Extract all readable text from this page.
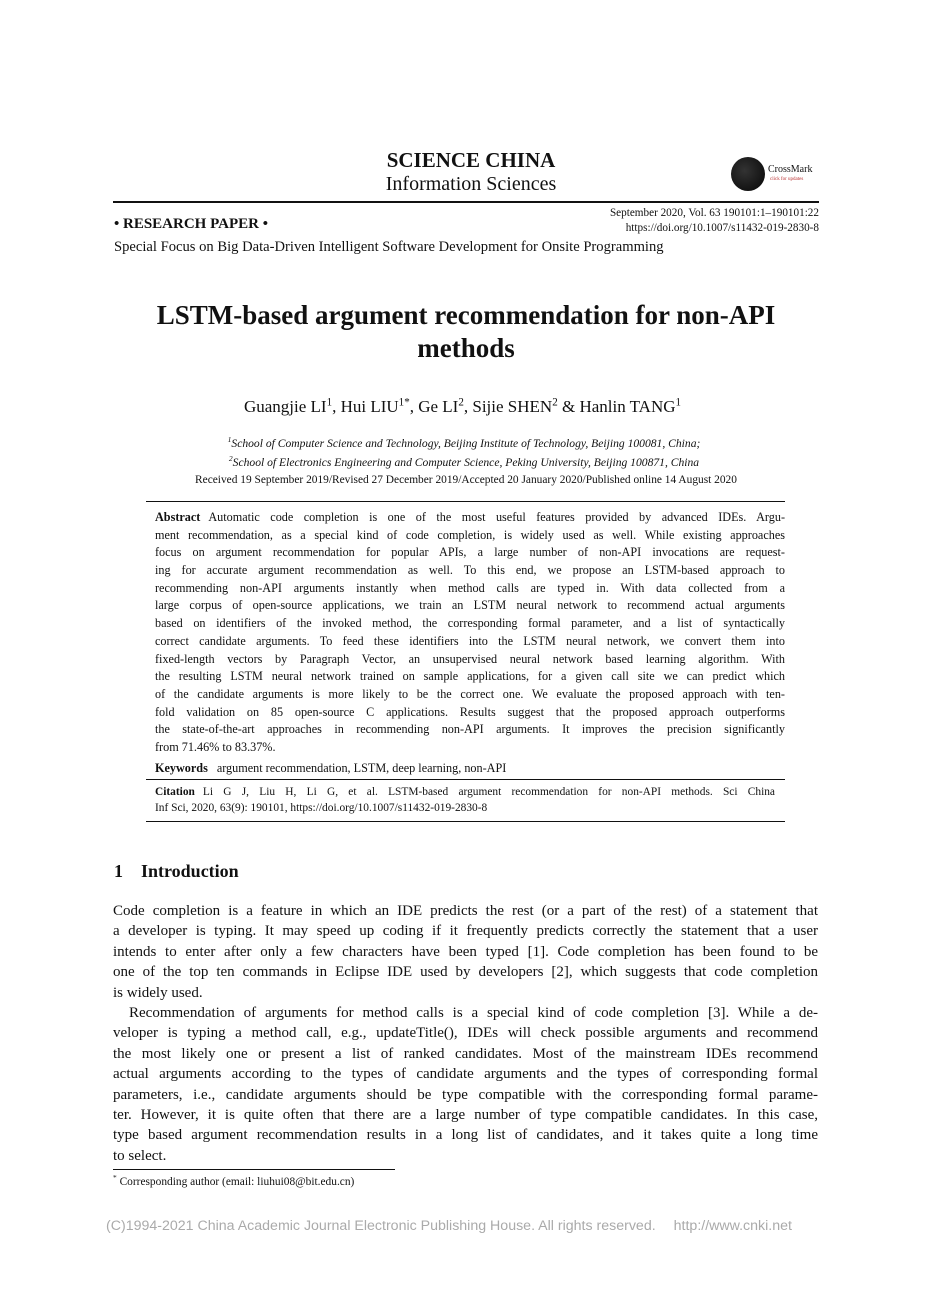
SCIENCE CHINA
Information Sciences
CrossMark
click for updates
September 2020, Vol. 63 190101:1–190101:22
https://doi.org/10.1007/s11432-019-2830-8
• RESEARCH PAPER •
Special Focus on Big Data-Driven Intelligent Software Development for Onsite Programming
LSTM-based argument recommendation for non-API
methods
Guangjie $LI^1$, Hui $LIU^{1*}$, Ge $LI^2$, Sijie SHEN$^2$ & Hanlin TANG$^1$
$^1$School of Computer Science and Technology, Beijing Institute of Technology, Beijing 100081, China;
$^2$School of Electronics Engineering and Computer Science, Peking University, Beijing 100871, China
Received 19 September 2019/Revised 27 December 2019/Accepted 20 January 2020/Published online 14 August 2020
Abstract Automatic code completion is one of the most useful features provided by advanced IDEs. Argu-
ment recommendation, as a special kind of code completion, is widely used as well. While existing approaches
focus on argument recommendation for popular APIs, a large number of non-API invocations are request-
ing for accurate argument recommendation as well. To this end, we propose an LSTM-based approach to
recommending non-API arguments instantly when method calls are typed in. With data collected from a
large corpus of open-source applications, we train an LSTM neural network to recommend actual arguments
based on identifiers of the invoked method, the corresponding formal parameter, and a list of syntactically
correct candidate arguments. To feed these identifiers into the LSTM neural network, we convert them into
fixed-length vectors by Paragraph Vector, an unsupervised neural network based learning algorithm. With
the resulting LSTM neural network trained on sample applications, for a given call site we can predict which
of the candidate arguments is more likely to be the correct one. We evaluate the proposed approach with ten-
fold validation on 85 open-source C applications. Results suggest that the proposed approach outperforms
the state-of-the-art approaches in recommending non-API arguments. It improves the precision significantly
from 71.46% to 83.37%.
Keywords argument recommendation, LSTM, deep learning, non-API
Citation Li G J, Liu H, Li G, et al. LSTM-based argument recommendation for non-API methods. Sci China
Inf Sci, 2020, 63(9): 190101, https://doi.org/10.1007/s11432-019-2830-8
1 Introduction
Code completion is a feature in which an IDE predicts the rest (or a part of the rest) of a statement that
a developer is typing. It may speed up coding if it frequently predicts correctly the statement that a user
intends to enter after only a few characters have been typed [1]. Code completion has been found to be
one of the top ten commands in Eclipse IDE used by developers [2], which suggests that code completion
is widely used.
Recommendation of arguments for method calls is a special kind of code completion [3]. While a de-
veloper is typing a method call, e.g., updateTitle(), IDEs will check possible arguments and recommend
the most likely one or present a list of ranked candidates. Most of the mainstream IDEs recommend
actual arguments according to the types of candidate arguments and the types of corresponding formal
parameters, i.e., candidate arguments should be type compatible with the corresponding formal parame-
ter. However, it is quite often that there are a large number of type compatible candidates. In this case,
type based argument recommendation results in a long list of candidates, and it takes quite a long time
to select.
* Corresponding author (email: liuhui08@bit.edu.cn)
(C)1994-2021 China Academic Journal Electronic Publishing House. All rights reserved. http://www.cnki.net
